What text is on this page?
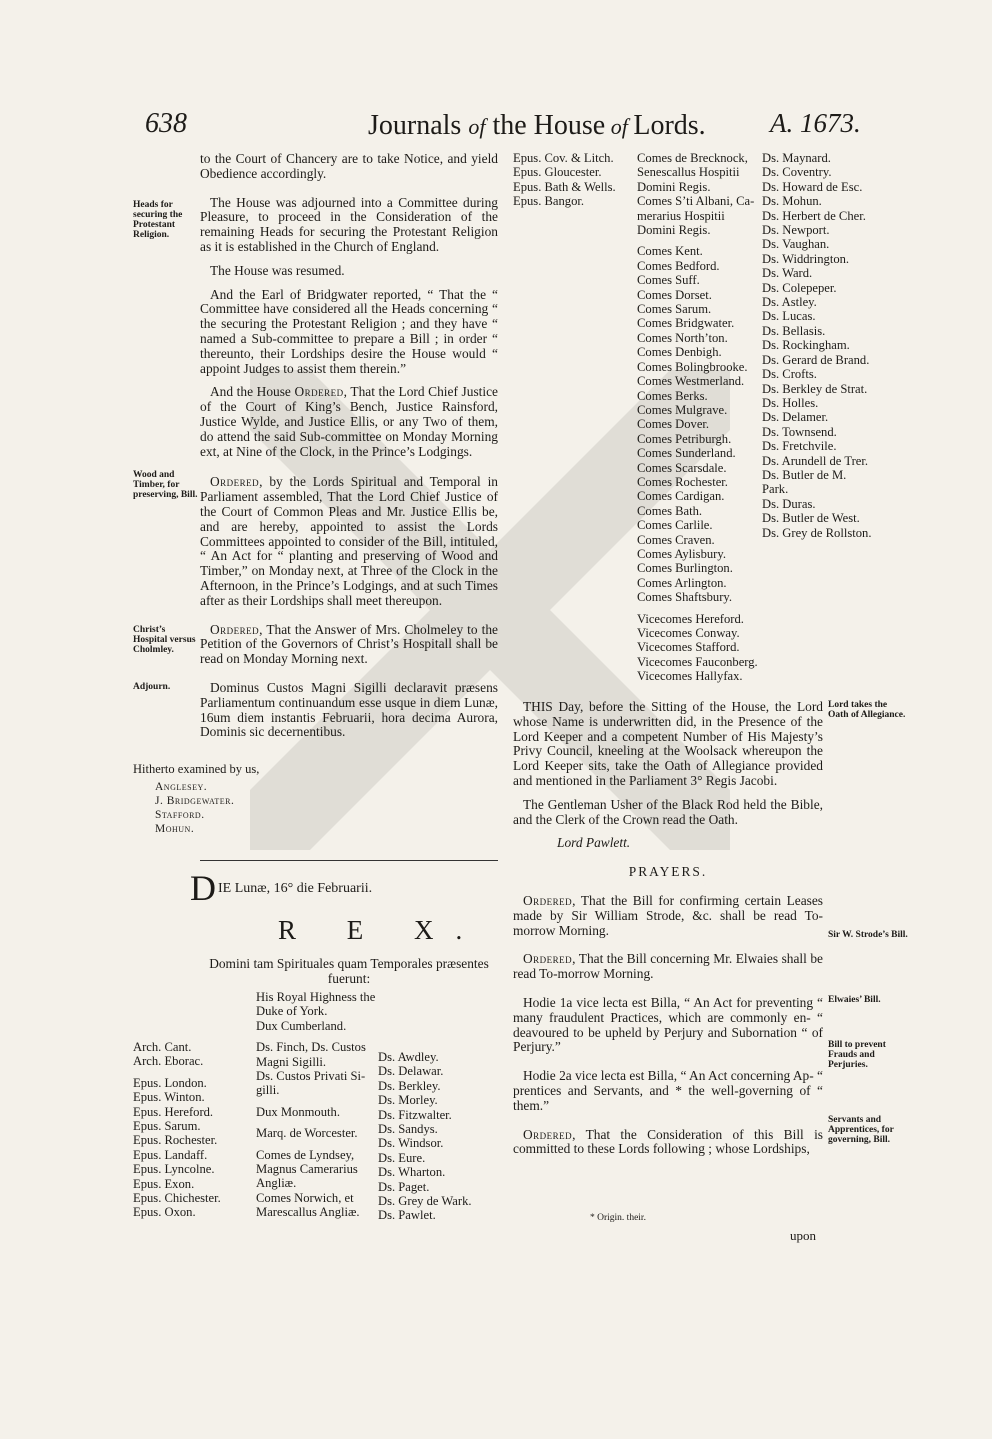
638	Journals of the House of Lords. A. 1673.

to the Court of Chancery are to take Notice, and yield Obedience accordingly.

The House was adjourned into a Committee during Pleasure, to proceed in the Consideration of the remaining Heads for securing the Protestant Religion as it is established in the Church of England.

The House was resumed.

And the Earl of Bridgwater reported, “ That the “ Committee have considered all the Heads concerning “ the securing the Protestant Religion ; and they have “ named a Sub-committee to prepare a Bill ; in order “ thereunto, their Lordships desire the House would “ appoint Judges to assist them therein.”

And the House Ordered, That the Lord Chief Justice of the Court of King’s Bench, Justice Rainsford, Justice Wylde, and Justice Ellis, or any Two of them, do attend the said Sub-committee on Monday Morning ext, at Nine of the Clock, in the Prince’s Lodgings.

Ordered, by the Lords Spiritual and Temporal in Parliament assembled, That the Lord Chief Justice of the Court of Common Pleas and Mr. Justice Ellis be, and are hereby, appointed to assist the Lords Committees appointed to consider of the Bill, intituled, “ An Act for “ planting and preserving of Wood and Timber,” on Monday next, at Three of the Clock in the Afternoon, in the Prince’s Lodgings, and at such Times after as their Lordships shall meet thereupon.

Ordered, That the Answer of Mrs. Cholmeley to the Petition of the Governors of Christ’s Hospitall shall be read on Monday Morning next.

Dominus Custos Magni Sigilli declaravit præsens Parliamentum continuandum esse usque in diem Lunæ, 16um diem instantis Februarii, hora decima Aurora, Dominis sic decernentibus.

Heads for securing the Protestant Religion.
Wood and Timber, for preserving, Bill.
Christ’s Hospital versus Cholmley.
Adjourn.
Hitherto examined by us,
Anglesey.
J. Bridgewater.
Stafford.
Mohun.
DIE Lunæ, 16° die Februarii.
R E X.
Domini tam Spirituales quam Temporales præsentes fuerunt:
Epus. Cov. & Litch.
Epus. Gloucester.
Epus. Bath & Wells.
Epus. Bangor.
Comes de Brecknock,
Senescallus Hospitii
Domini Regis.
Comes S’ti Albani, Ca-
merarius Hospitii
Domini Regis.
Comes Kent.
Comes Bedford.
Comes Suff.
Comes Dorset.
Comes Sarum.
Comes Bridgwater.
Comes North’ton.
Comes Denbigh.
Comes Bolingbrooke.
Comes Westmerland.
Comes Berks.
Comes Mulgrave.
Comes Dover.
Comes Petriburgh.
Comes Sunderland.
Comes Scarsdale.
Comes Rochester.
Comes Cardigan.
Comes Bath.
Comes Carlile.
Comes Craven.
Comes Aylisbury.
Comes Burlington.
Comes Arlington.
Comes Shaftsbury.
Vicecomes Hereford.
Vicecomes Conway.
Vicecomes Stafford.
Vicecomes Fauconberg.
Vicecomes Hallyfax.
Ds. Maynard.
Ds. Coventry.
Ds. Howard de Esc.
Ds. Mohun.
Ds. Herbert de Cher.
Ds. Newport.
Ds. Vaughan.
Ds. Widdrington.
Ds. Ward.
Ds. Colepeper.
Ds. Astley.
Ds. Lucas.
Ds. Bellasis.
Ds. Rockingham.
Ds. Gerard de Brand.
Ds. Crofts.
Ds. Berkley de Strat.
Ds. Holles.
Ds. Delamer.
Ds. Townsend.
Ds. Fretchvile.
Ds. Arundell de Trer.
Ds. Butler de M.
Park.
Ds. Duras.
Ds. Butler de West.
Ds. Grey de Rollston.
Arch. Cant.
Arch. Eborac.
Epus. London.
Epus. Winton.
Epus. Hereford.
Epus. Sarum.
Epus. Rochester.
Epus. Landaff.
Epus. Lyncolne.
Epus. Exon.
Epus. Chichester.
Epus. Oxon.
His Royal Highness the
Duke of York.
Dux Cumberland.
Ds. Finch, Ds. Custos
Magni Sigilli.
Ds. Custos Privati Si-
gilli.
Dux Monmouth.
Marq. de Worcester.
Comes de Lyndsey,
Magnus Camerarius
Angliæ.
Comes Norwich, et
Marescallus Angliæ.
Ds. Awdley.
Ds. Delawar.
Ds. Berkley.
Ds. Morley.
Ds. Fitzwalter.
Ds. Sandys.
Ds. Windsor.
Ds. Eure.
Ds. Wharton.
Ds. Paget.
Ds. Grey de Wark.
Ds. Pawlet.

THIS Day, before the Sitting of the House, the Lord whose Name is underwritten did, in the Presence of the Lord Keeper and a competent Number of His Majesty’s Privy Council, kneeling at the Woolsack whereupon the Lord Keeper sits, take the Oath of Allegiance provided and mentioned in the Parliament 3° Regis Jacobi.

The Gentleman Usher of the Black Rod held the Bible, and the Clerk of the Crown read the Oath.

Lord Pawlett.

PRAYERS.

Ordered, That the Bill for confirming certain Leases made by Sir William Strode, &c. shall be read To-morrow Morning.

Ordered, That the Bill concerning Mr. Elwaies shall be read To-morrow Morning.

Hodie 1a vice lecta est Billa, “ An Act for preventing “ many fraudulent Practices, which are commonly en- “ deavoured to be upheld by Perjury and Subornation “ of Perjury.”

Hodie 2a vice lecta est Billa, “ An Act concerning Ap- “ prentices and Servants, and * the well-governing of “ them.”

Ordered, That the Consideration of this Bill is committed to these Lords following ; whose Lordships,

Lord takes the Oath of Allegiance.
Sir W. Strode’s Bill.
Elwaies’ Bill.
Bill to prevent Frauds and Perjuries.
Servants and Apprentices, for governing, Bill.
* Origin. their.
upon
